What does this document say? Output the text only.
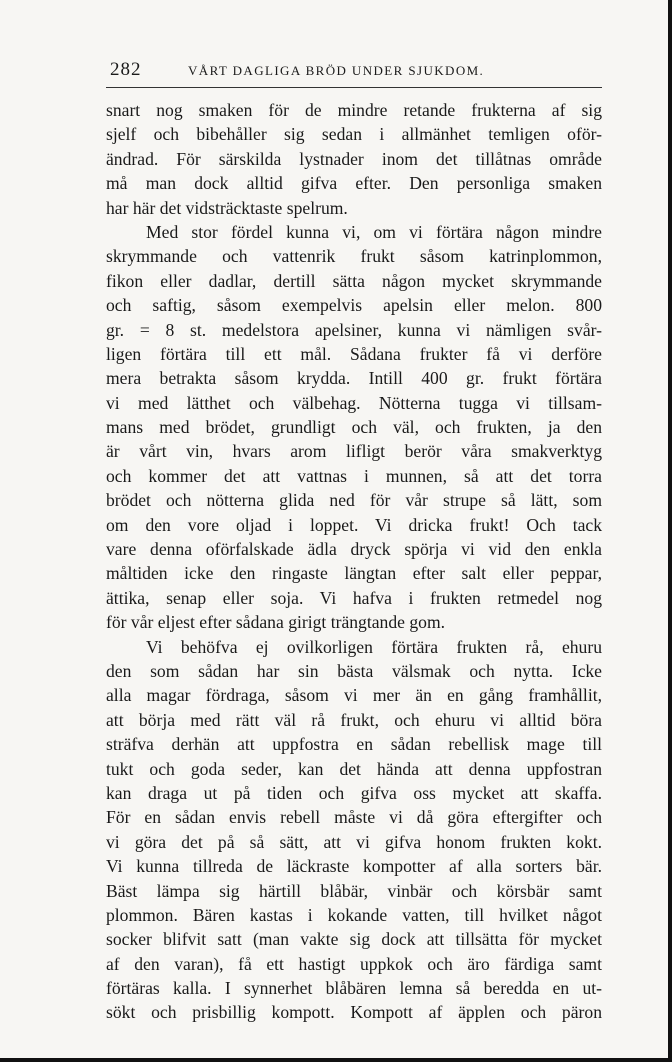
282	VÅRT DAGLIGA BRÖD UNDER SJUKDOM.
snart nog smaken för de mindre retande frukterna af sig
sjelf och bibehåller sig sedan i allmänhet temligen oför-
ändrad. För särskilda lystnader inom det tillåtnas område
må man dock alltid gifva efter. Den personliga smaken
har här det vidsträcktaste spelrum.
Med stor fördel kunna vi, om vi förtära någon mindre
skrymmande och vattenrik frukt såsom katrinplommon,
fikon eller dadlar, dertill sätta någon mycket skrymmande
och saftig, såsom exempelvis apelsin eller melon. 800
gr. = 8 st. medelstora apelsiner, kunna vi nämligen svår-
ligen förtära till ett mål. Sådana frukter få vi derföre
mera betrakta såsom krydda. Intill 400 gr. frukt förtära
vi med lätthet och välbehag. Nötterna tugga vi tillsam-
mans med brödet, grundligt och väl, och frukten, ja den
är vårt vin, hvars arom lifligt berör våra smakverktyg
och kommer det att vattnas i munnen, så att det torra
brödet och nötterna glida ned för vår strupe så lätt, som
om den vore oljad i loppet. Vi dricka frukt! Och tack
vare denna oförfalskade ädla dryck spörja vi vid den enkla
måltiden icke den ringaste längtan efter salt eller peppar,
ättika, senap eller soja. Vi hafva i frukten retmedel nog
för vår eljest efter sådana girigt trängtande gom.
Vi behöfva ej ovilkorligen förtära frukten rå, ehuru
den som sådan har sin bästa välsmak och nytta. Icke
alla magar fördraga, såsom vi mer än en gång framhållit,
att börja med rätt väl rå frukt, och ehuru vi alltid böra
sträfva derhän att uppfostra en sådan rebellisk mage till
tukt och goda seder, kan det hända att denna uppfostran
kan draga ut på tiden och gifva oss mycket att skaffa.
För en sådan envis rebell måste vi då göra eftergifter och
vi göra det på så sätt, att vi gifva honom frukten kokt.
Vi kunna tillreda de läckraste kompotter af alla sorters bär.
Bäst lämpa sig härtill blåbär, vinbär och körsbär samt
plommon. Bären kastas i kokande vatten, till hvilket något
socker blifvit satt (man vakte sig dock att tillsätta för mycket
af den varan), få ett hastigt uppkok och äro färdiga samt
förtäras kalla. I synnerhet blåbären lemna så beredda en ut-
sökt och prisbillig kompott. Kompott af äpplen och päron
